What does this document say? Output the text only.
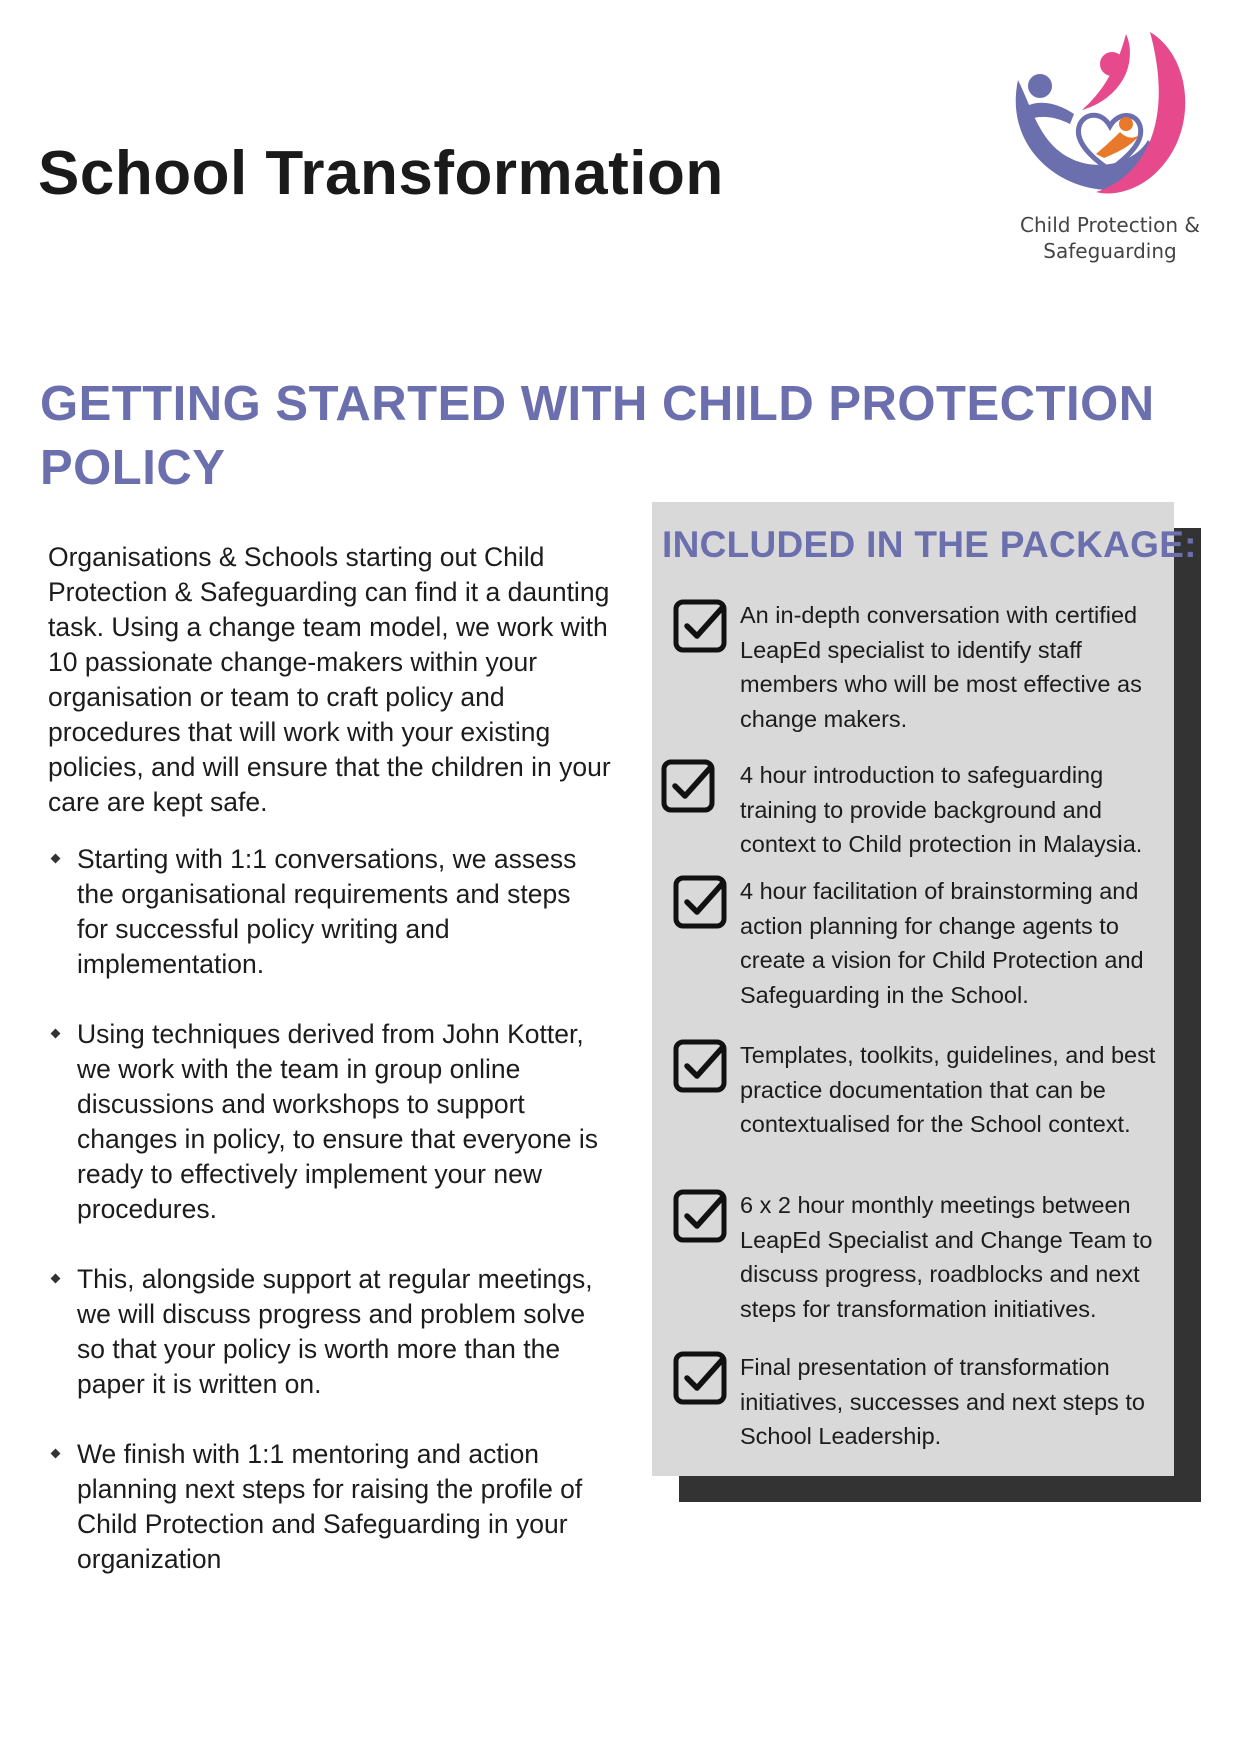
School Transformation
Child Protection &
Safeguarding
GETTING STARTED WITH CHILD PROTECTION POLICY

Organisations & Schools starting out Child Protection & Safeguarding can find it a daunting task. Using a change team model, we work with 10 passionate change-makers within your organisation or team to craft policy and procedures that will work with your existing policies, and will ensure that the children in your care are kept safe.

Starting with 1:1 conversations, we assess the organisational requirements and steps for successful policy writing and implementation.
Using techniques derived from John Kotter, we work with the team in group online discussions and workshops to support changes in policy, to ensure that everyone is ready to effectively implement your new procedures.
This, alongside support at regular meetings, we will discuss progress and problem solve so that your policy is worth more than the paper it is written on.
We finish with 1:1 mentoring and action planning next steps for raising the profile of Child Protection and Safeguarding in your organization
INCLUDED IN THE PACKAGE:

An in-depth conversation with certified LeapEd specialist to identify staff members who will be most effective as change makers.

4 hour introduction to safeguarding training to provide background and context to Child protection in Malaysia.

4 hour facilitation of brainstorming and action planning for change agents to create a vision for Child Protection and Safeguarding in the School.

Templates, toolkits, guidelines, and best practice documentation that can be contextualised for the School context.

6 x 2 hour monthly meetings between LeapEd Specialist and Change Team to discuss progress, roadblocks and next steps for transformation initiatives.

Final presentation of transformation initiatives, successes and next steps to School Leadership.
